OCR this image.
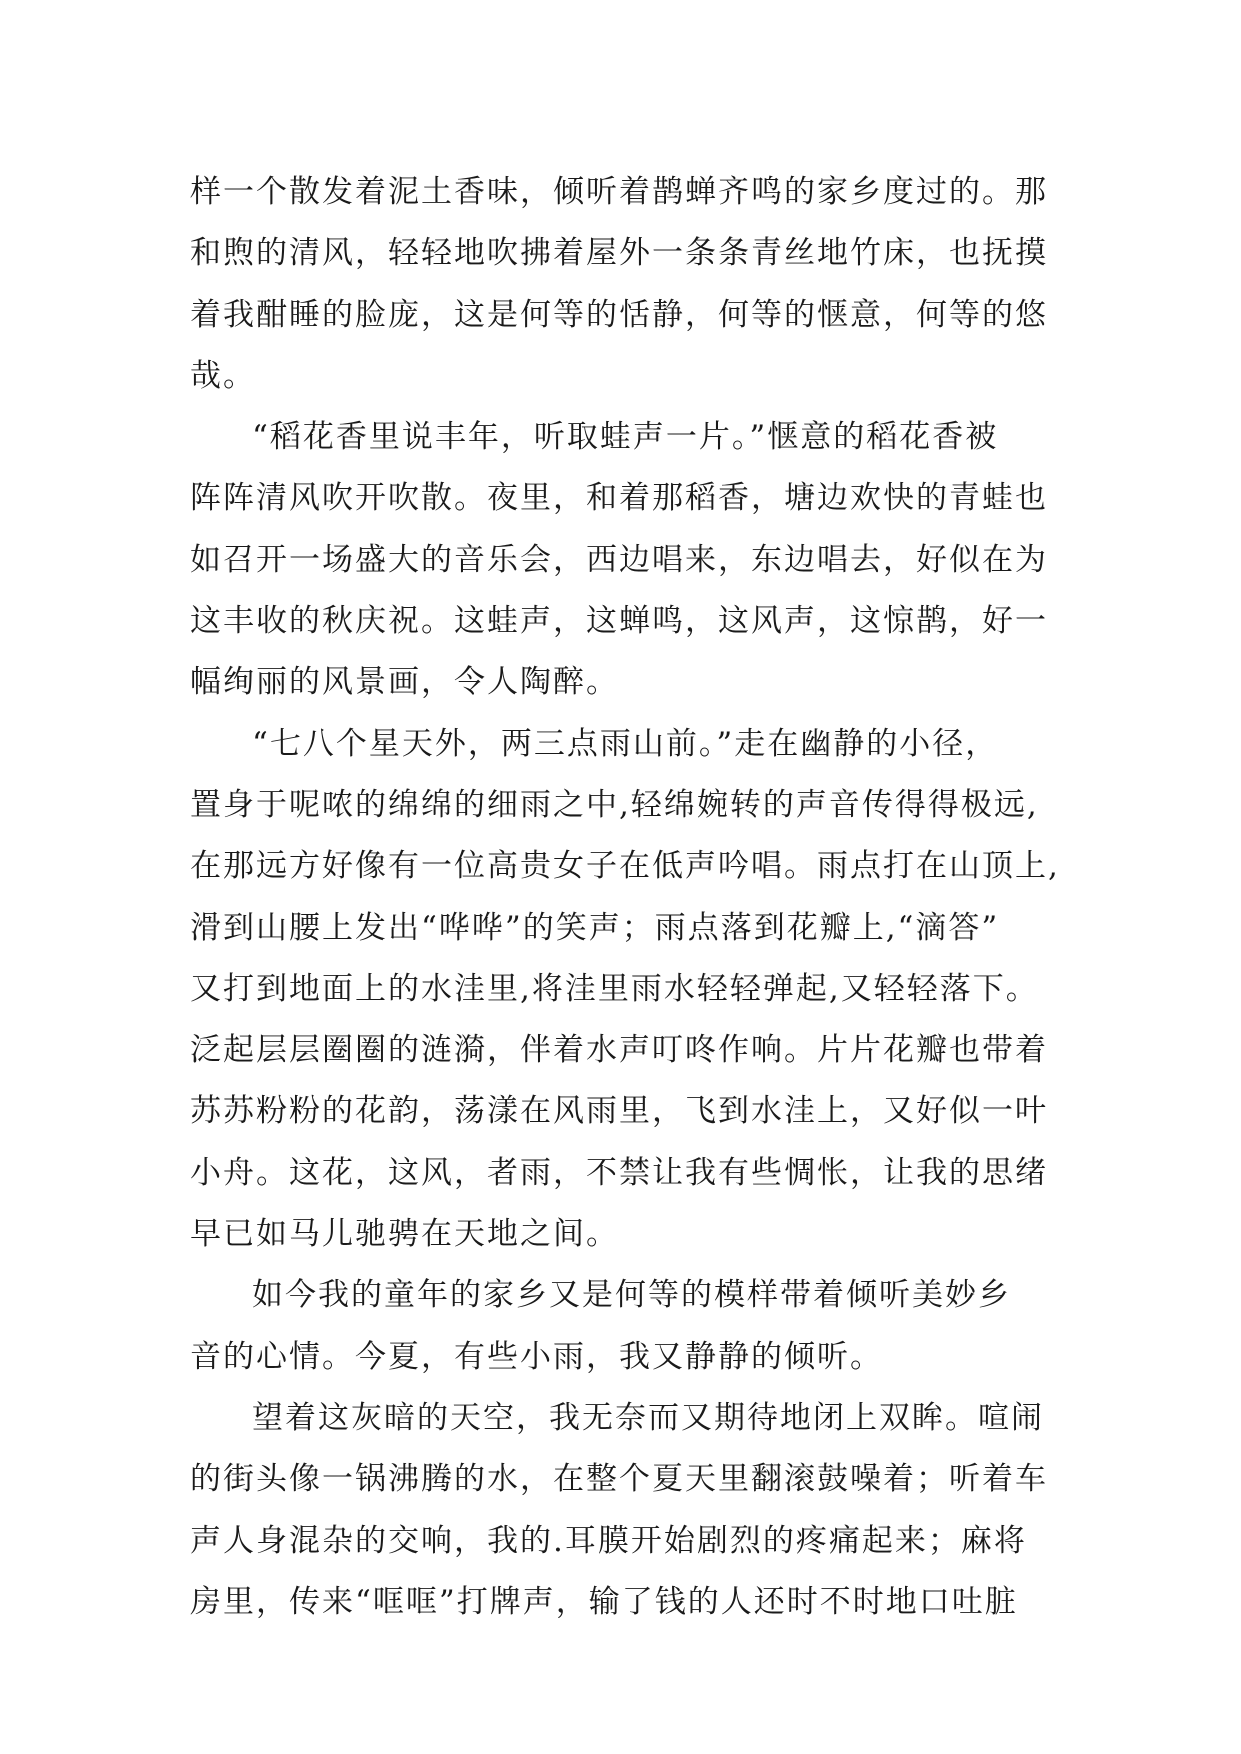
样一个散发着泥土香味，倾听着鹊蝉齐鸣的家乡度过的。那
和煦的清风，轻轻地吹拂着屋外一条条青丝地竹床，也抚摸
着我酣睡的脸庞，这是何等的恬静，何等的惬意，何等的悠
哉。
“稻花香里说丰年，听取蛙声一片。”惬意的稻花香被
阵阵清风吹开吹散。夜里，和着那稻香，塘边欢快的青蛙也
如召开一场盛大的音乐会，西边唱来，东边唱去，好似在为
这丰收的秋庆祝。这蛙声，这蝉鸣，这风声，这惊鹊，好一
幅绚丽的风景画，令人陶醉。
“七八个星天外，两三点雨山前。”走在幽静的小径，
置身于呢哝的绵绵的细雨之中,轻绵婉转的声音传得得极远,
在那远方好像有一位高贵女子在低声吟唱。雨点打在山顶上,
滑到山腰上发出“哗哗”的笑声；雨点落到花瓣上,“滴答”
又打到地面上的水洼里,将洼里雨水轻轻弹起,又轻轻落下。
泛起层层圈圈的涟漪，伴着水声叮咚作响。片片花瓣也带着
苏苏粉粉的花韵，荡漾在风雨里，飞到水洼上，又好似一叶
小舟。这花，这风，者雨，不禁让我有些惆怅，让我的思绪
早已如马儿驰骋在天地之间。
如今我的童年的家乡又是何等的模样带着倾听美妙乡
音的心情。今夏，有些小雨，我又静静的倾听。
望着这灰暗的天空，我无奈而又期待地闭上双眸。喧闹
的街头像一锅沸腾的水，在整个夏天里翻滚鼓噪着；听着车
声人身混杂的交响，我的.耳膜开始剧烈的疼痛起来；麻将
房里，传来“哐哐”打牌声，输了钱的人还时不时地口吐脏
